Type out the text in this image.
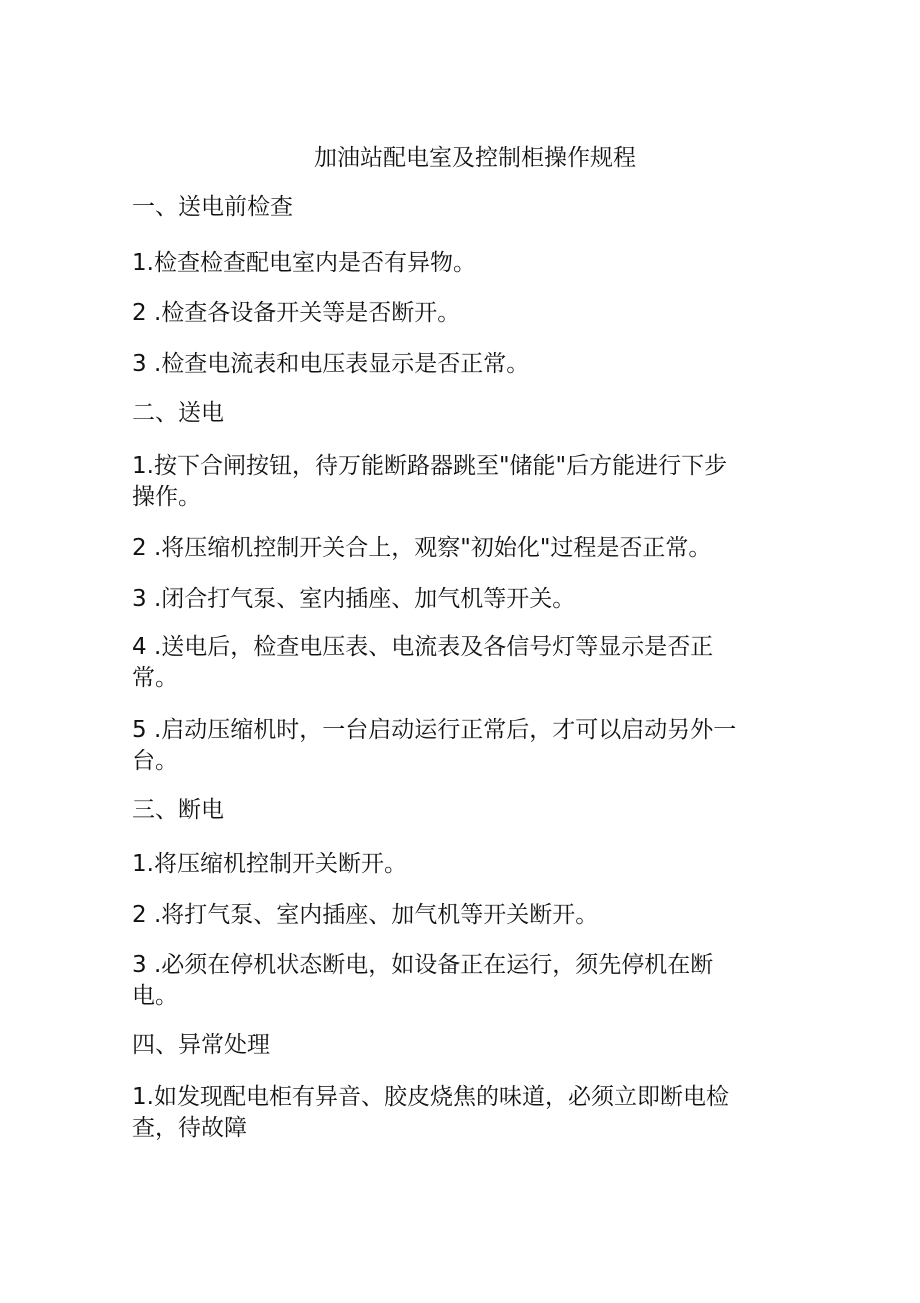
加油站配电室及控制柜操作规程
一、送电前检查
1.检查检查配电室内是否有异物。
2 .检查各设备开关等是否断开。
3 .检查电流表和电压表显示是否正常。
二、送电
1.按下合闸按钮，待万能断路器跳至"储能"后方能进行下步操作。
2 .将压缩机控制开关合上，观察"初始化"过程是否正常。
3 .闭合打气泵、室内插座、加气机等开关。
4 .送电后，检查电压表、电流表及各信号灯等显示是否正常。
5 .启动压缩机时，一台启动运行正常后，才可以启动另外一台。
三、断电
1.将压缩机控制开关断开。
2 .将打气泵、室内插座、加气机等开关断开。
3 .必须在停机状态断电，如设备正在运行，须先停机在断电。
四、异常处理
1.如发现配电柜有异音、胶皮烧焦的味道，必须立即断电检查，待故障
